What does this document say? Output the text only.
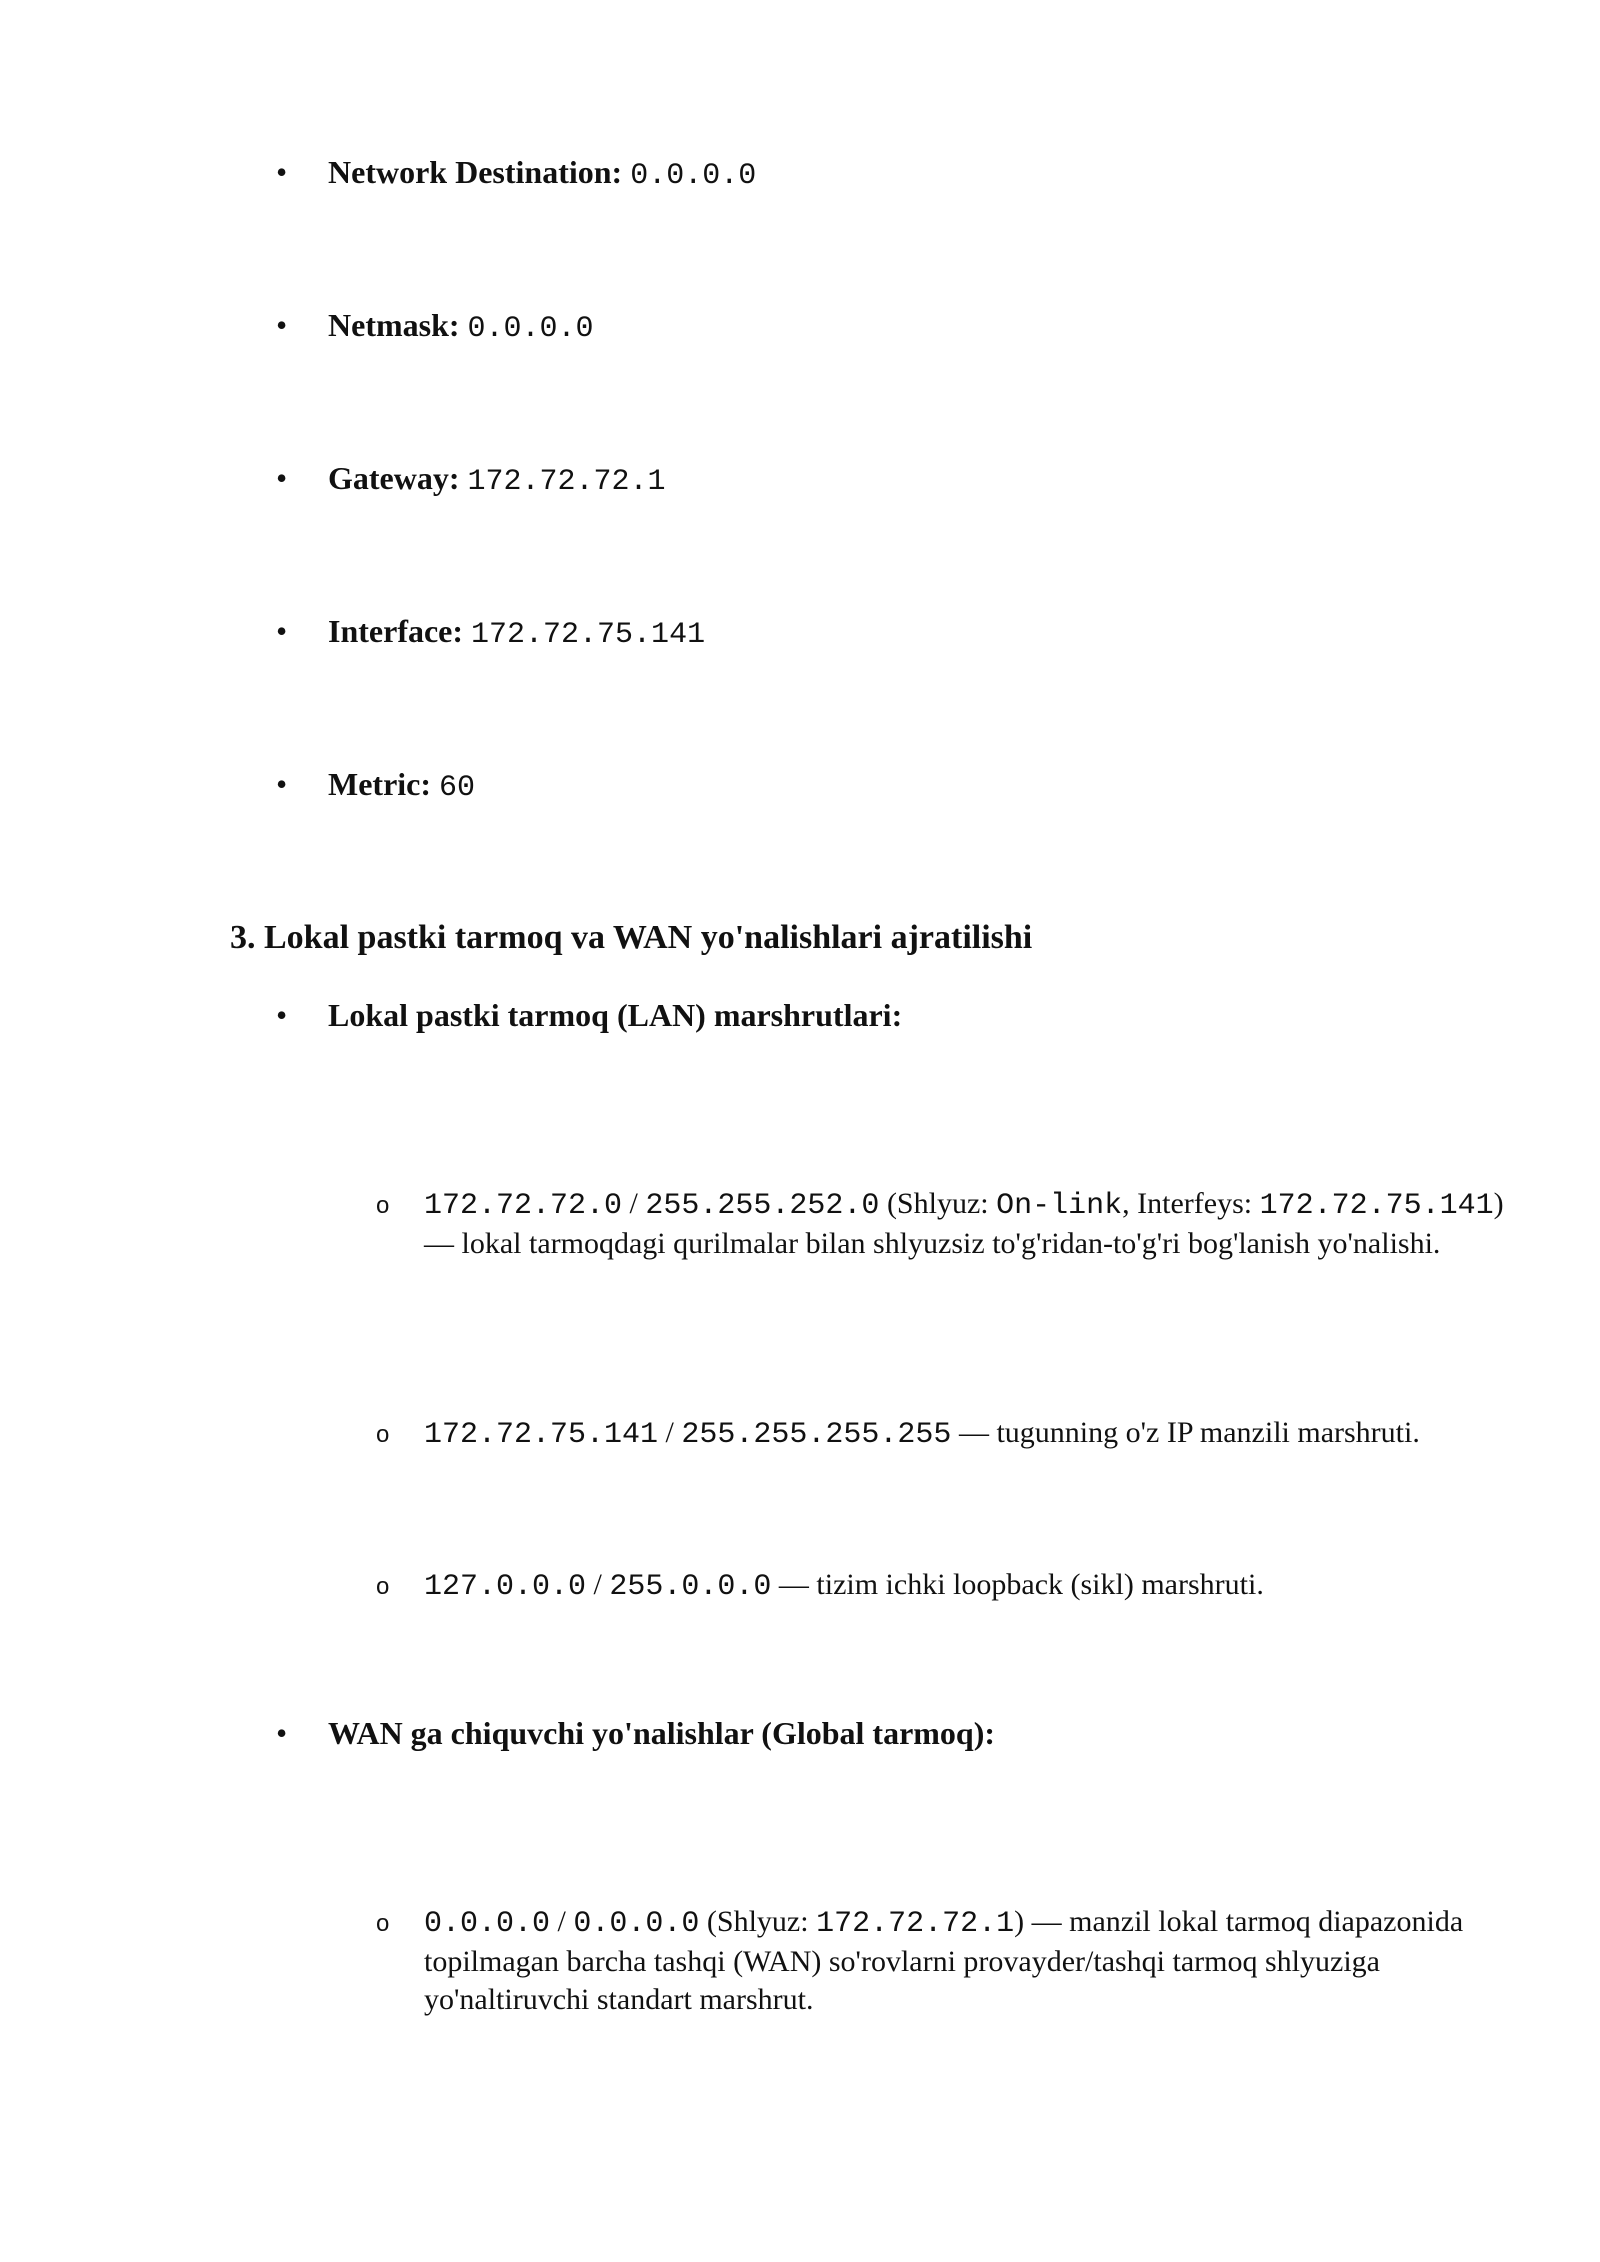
• Network Destination: 0.0.0.0
• Netmask: 0.0.0.0
• Gateway: 172.72.72.1
• Interface: 172.72.75.141
• Metric: 60
3. Lokal pastki tarmoq va WAN yo'nalishlari ajratilishi
• Lokal pastki tarmoq (LAN) marshrutlari:
o 172.72.72.0 / 255.255.252.0 (Shlyuz: On-link, Interfeys: 172.72.75.141) — lokal tarmoqdagi qurilmalar bilan shlyuzsiz to'g'ridan-to'g'ri bog'lanish yo'nalishi.
o 172.72.75.141 / 255.255.255.255 — tugunning o'z IP manzili marshruti.
o 127.0.0.0 / 255.0.0.0 — tizim ichki loopback (sikl) marshruti.
• WAN ga chiquvchi yo'nalishlar (Global tarmoq):
o 0.0.0.0 / 0.0.0.0 (Shlyuz: 172.72.72.1) — manzil lokal tarmoq diapazonida topilmagan barcha tashqi (WAN) so'rovlarni provayder/tashqi tarmoq shlyuziga yo'naltiruvchi standart marshrut.
